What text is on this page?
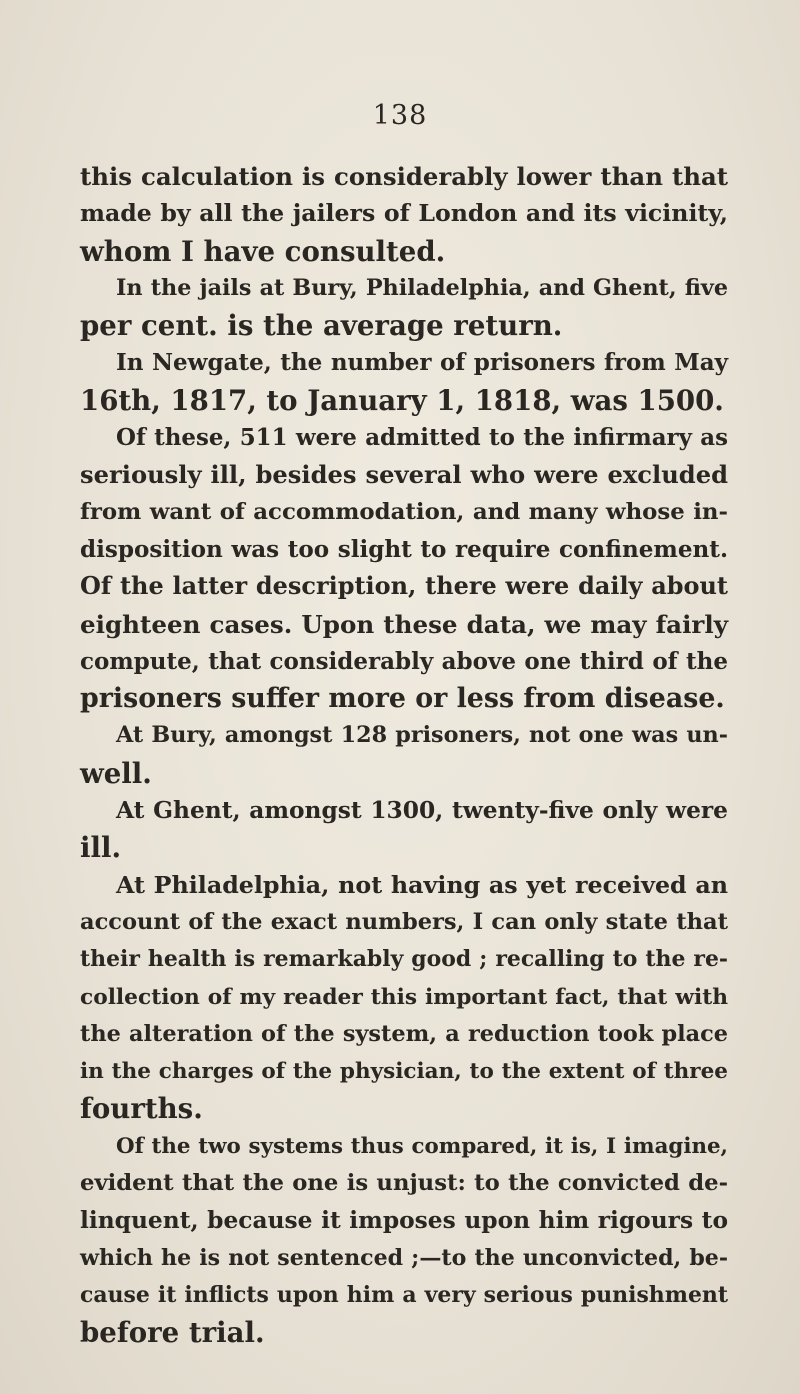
138
this calculation is considerably lower than that
made by all the jailers of London and its vicinity,
whom I have consulted.
In the jails at Bury, Philadelphia, and Ghent, five
per cent. is the average return.
In Newgate, the number of prisoners from May
16th, 1817, to January 1, 1818, was 1500.
Of these, 511 were admitted to the infirmary as
seriously ill, besides several who were excluded
from want of accommodation, and many whose in-
disposition was too slight to require confinement.
Of the latter description, there were daily about
eighteen cases. Upon these data, we may fairly
compute, that considerably above one third of the
prisoners suffer more or less from disease.
At Bury, amongst 128 prisoners, not one was un-
well.
At Ghent, amongst 1300, twenty-five only were
ill.
At Philadelphia, not having as yet received an
account of the exact numbers, I can only state that
their health is remarkably good ; recalling to the re-
collection of my reader this important fact, that with
the alteration of the system, a reduction took place
in the charges of the physician, to the extent of three
fourths.
Of the two systems thus compared, it is, I imagine,
evident that the one is unjust: to the convicted de-
linquent, because it imposes upon him rigours to
which he is not sentenced ;—to the unconvicted, be-
cause it inflicts upon him a very serious punishment
before trial.
